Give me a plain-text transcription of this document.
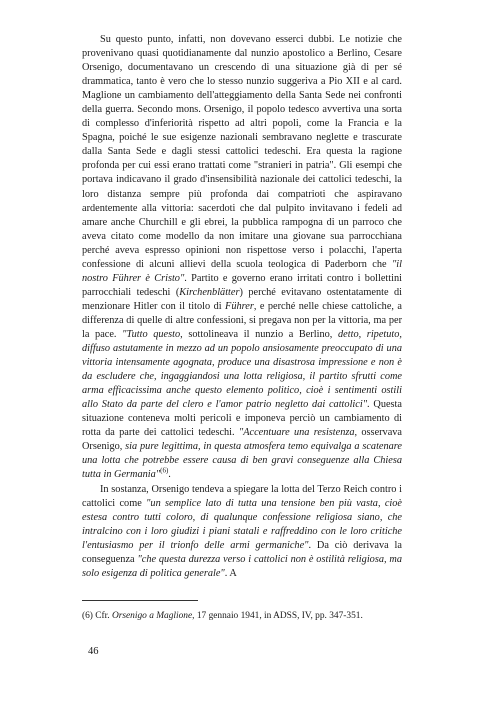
Su questo punto, infatti, non dovevano esserci dubbi. Le notizie che provenivano quasi quotidianamente dal nunzio apostolico a Berlino, Cesare Orsenigo, documentavano un crescendo di una situazione già di per sé drammatica, tanto è vero che lo stesso nunzio suggeriva a Pio XII e al card. Maglione un cambiamento dell'atteggiamento della Santa Sede nei confronti della guerra. Secondo mons. Orsenigo, il popolo tedesco avvertiva una sorta di complesso d'inferiorità rispetto ad altri popoli, come la Francia e la Spagna, poiché le sue esigenze nazionali sembravano neglette e trascurate dalla Santa Sede e dagli stessi cattolici tedeschi. Era questa la ragione profonda per cui essi erano trattati come "stranieri in patria". Gli esempi che portava indicavano il grado d'insensibilità nazionale dei cattolici tedeschi, la loro distanza sempre più profonda dai compatrioti che aspiravano ardentemente alla vittoria: sacerdoti che dal pulpito invitavano i fedeli ad amare anche Churchill e gli ebrei, la pubblica rampogna di un parroco che aveva citato come modello da non imitare una giovane sua parrocchiana perché aveva espresso opinioni non rispettose verso i polacchi, l'aperta confessione di alcuni allievi della scuola teologica di Paderborn che "il nostro Führer è Cristo". Partito e governo erano irritati contro i bollettini parrocchiali tedeschi (Kirchenblätter) perché evitavano ostentatamente di menzionare Hitler con il titolo di Führer, e perché nelle chiese cattoliche, a differenza di quelle di altre confessioni, si pregava non per la vittoria, ma per la pace. "Tutto questo, sottolineava il nunzio a Berlino, detto, ripetuto, diffuso astutamente in mezzo ad un popolo ansiosamente preoccupato di una vittoria intensamente agognata, produce una disastrosa impressione e non è da escludere che, ingaggiandosi una lotta religiosa, il partito sfrutti come arma efficacissima anche questo elemento politico, cioè i sentimenti ostili allo Stato da parte del clero e l'amor patrio negletto dai cattolici". Questa situazione conteneva molti pericoli e imponeva perciò un cambiamento di rotta da parte dei cattolici tedeschi. "Accentuare una resistenza, osservava Orsenigo, sia pure legittima, in questa atmosfera temo equivalga a scatenare una lotta che potrebbe essere causa di ben gravi conseguenze alla Chiesa tutta in Germania"$^{(6)}$.

In sostanza, Orsenigo tendeva a spiegare la lotta del Terzo Reich contro i cattolici come "un semplice lato di tutta una tensione ben più vasta, cioè estesa contro tutti coloro, di qualunque confessione religiosa siano, che intralcino con i loro giudizi i piani statali e raffreddino con le loro critiche l'entusiasmo per il trionfo delle armi germaniche". Da ciò derivava la conseguenza "che questa durezza verso i cattolici non è ostilità religiosa, ma solo esigenza di politica generale". A

(6) Cfr. Orsenigo a Maglione, 17 gennaio 1941, in ADSS, IV, pp. 347-351.
46
